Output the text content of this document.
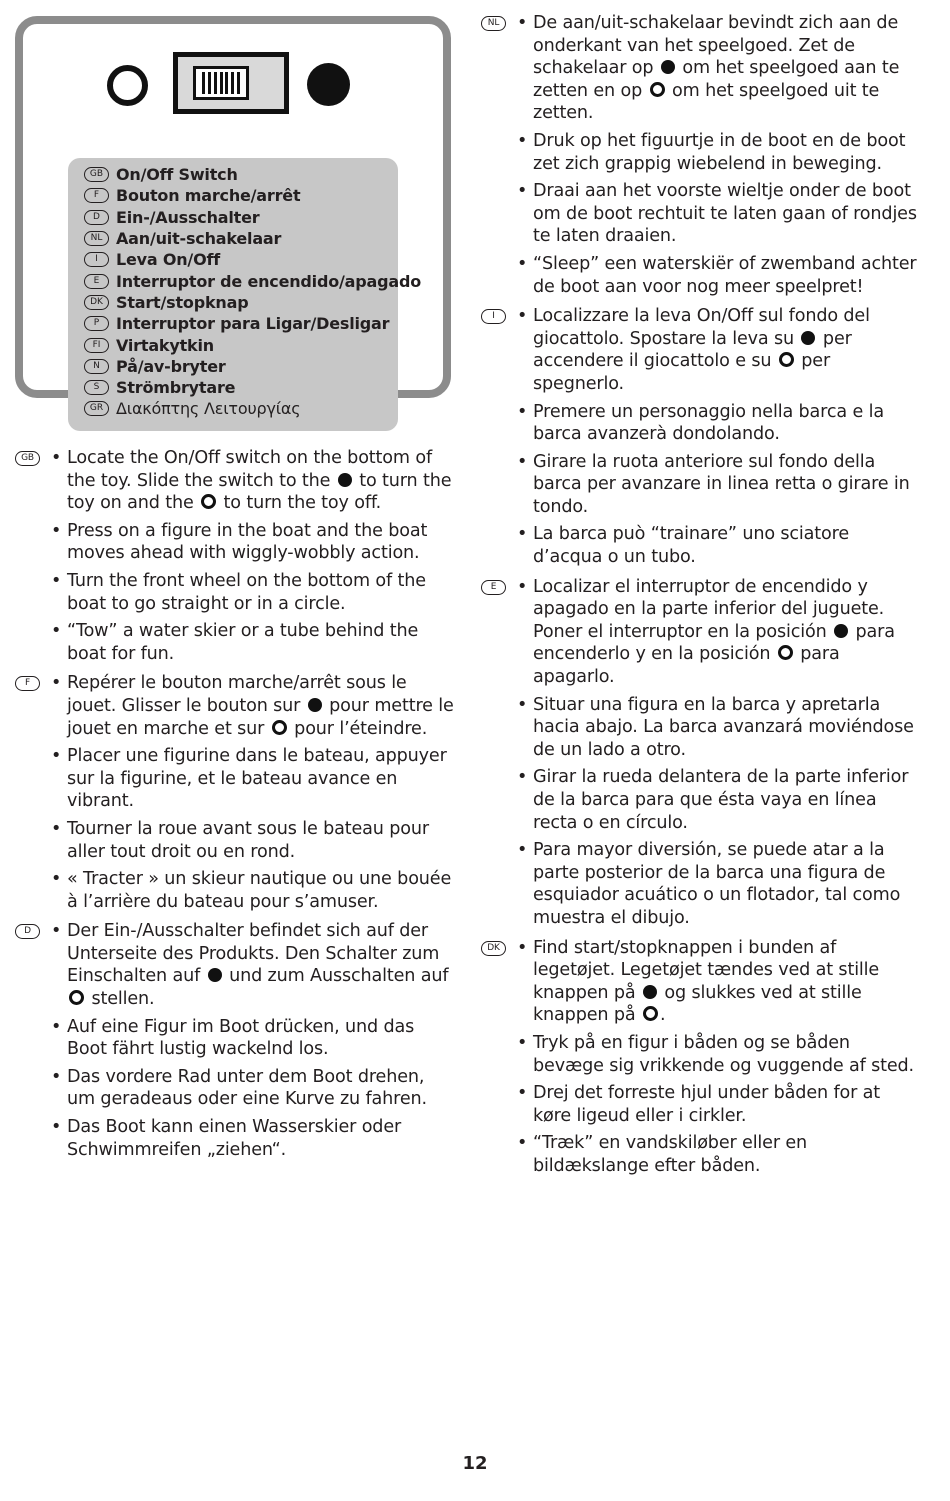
GB On/Off Switch
F	Bouton marche/arrêt
D	Ein-/Ausschalter
NL Aan/uit-schakelaar
I	Leva On/Off
E	Interruptor de encendido/apagado
DK Start/stopknap
P	Interruptor para Ligar/Desligar
FI Virtakytkin
N	På/av-bryter
S	Strömbrytare
GR Διακόπτης Λειτουργίας
GB • Locate the On/Off switch on the bottom of the toy. Slide the switch to the to turn the toy on and the to turn the toy off.
• Press on a figure in the boat and the boat moves ahead with wiggly-wobbly action.
• Turn the front wheel on the bottom of the boat to go straight or in a circle.
• “Tow” a water skier or a tube behind the boat for fun.
F	• Repérer le bouton marche/arrêt sous le jouet. Glisser le bouton sur pour mettre le jouet en marche et sur pour l’éteindre.
• Placer une figurine dans le bateau, appuyer sur la figurine, et le bateau avance en vibrant.
• Tourner la roue avant sous le bateau pour aller tout droit ou en rond.
• « Tracter » un skieur nautique ou une bouée à l’arrière du bateau pour s’amuser.
D	• Der Ein-/Ausschalter befindet sich auf der Unterseite des Produkts. Den Schalter zum Einschalten auf und zum Ausschalten auf  stellen.
• Auf eine Figur im Boot drücken, und das Boot fährt lustig wackelnd los.
• Das vordere Rad unter dem Boot drehen, um geradeaus oder eine Kurve zu fahren.
• Das Boot kann einen Wasserskier oder Schwimmreifen „ziehen“.
NL	• De aan/uit-schakelaar bevindt zich aan de onderkant van het speelgoed. Zet de schakelaar op om het speelgoed aan te zetten en op om het speelgoed uit te zetten.
• Druk op het figuurtje in de boot en de boot zet zich grappig wiebelend in beweging.
• Draai aan het voorste wieltje onder de boot om de boot rechtuit te laten gaan of rondjes te laten draaien.
• “Sleep” een waterskiër of zwemband achter de boot aan voor nog meer speelpret!
I	• Localizzare la leva On/Off sul fondo del giocattolo. Spostare la leva su per accendere il giocattolo e su per spegnerlo.
• Premere un personaggio nella barca e la barca avanzerà dondolando.
• Girare la ruota anteriore sul fondo della barca per avanzare in linea retta o girare in tondo.
• La barca può “trainare” uno sciatore d’acqua o un tubo.
E	• Localizar el interruptor de encendido y apagado en la parte inferior del juguete. Poner el interruptor en la posición para encenderlo y en la posición para apagarlo.
• Situar una figura en la barca y apretarla hacia abajo. La barca avanzará moviéndose de un lado a otro.
• Girar la rueda delantera de la parte inferior de la barca para que ésta vaya en línea recta o en círculo.
• Para mayor diversión, se puede atar a la parte posterior de la barca una figura de esquiador acuático o un flotador, tal como muestra el dibujo.
DK • Find start/stopknappen i bunden af legetøjet. Legetøjet tændes ved at stille knappen på og slukkes ved at stille knappen på .
• Tryk på en figur i båden og se båden bevæge sig vrikkende og vuggende af sted.
• Drej det forreste hjul under båden for at køre ligeud eller i cirkler.
• “Træk” en vandskiløber eller en bildækslange efter båden.
12
